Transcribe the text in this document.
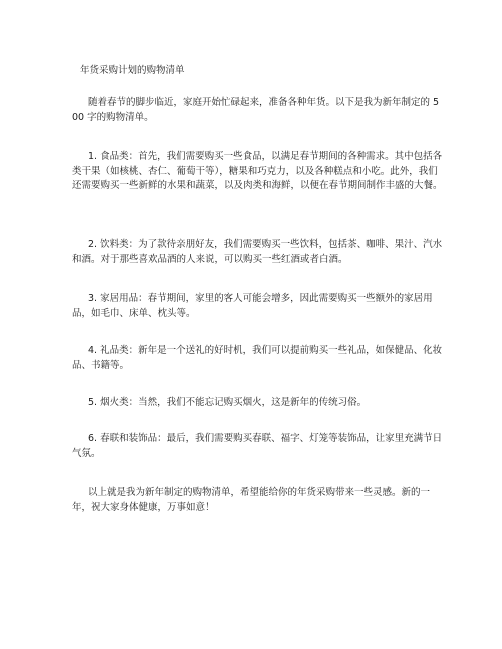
年货采购计划的购物清单

随着春节的脚步临近，家庭开始忙碌起来，准备各种年货。以下是我为新年制定的 500 字的购物清单。

1. 食品类：首先，我们需要购买一些食品，以满足春节期间的各种需求。其中包括各类干果（如核桃、杏仁、葡萄干等），糖果和巧克力，以及各种糕点和小吃。此外，我们还需要购买一些新鲜的水果和蔬菜，以及肉类和海鲜，以便在春节期间制作丰盛的大餐。

2. 饮料类：为了款待亲朋好友，我们需要购买一些饮料，包括茶、咖啡、果汁、汽水和酒。对于那些喜欢品酒的人来说，可以购买一些红酒或者白酒。

3. 家居用品：春节期间，家里的客人可能会增多，因此需要购买一些额外的家居用品，如毛巾、床单、枕头等。

4. 礼品类：新年是一个送礼的好时机，我们可以提前购买一些礼品，如保健品、化妆品、书籍等。

5. 烟火类：当然，我们不能忘记购买烟火，这是新年的传统习俗。

6. 春联和装饰品：最后，我们需要购买春联、福字、灯笼等装饰品，让家里充满节日气氛。

以上就是我为新年制定的购物清单，希望能给你的年货采购带来一些灵感。新的一年，祝大家身体健康，万事如意！
